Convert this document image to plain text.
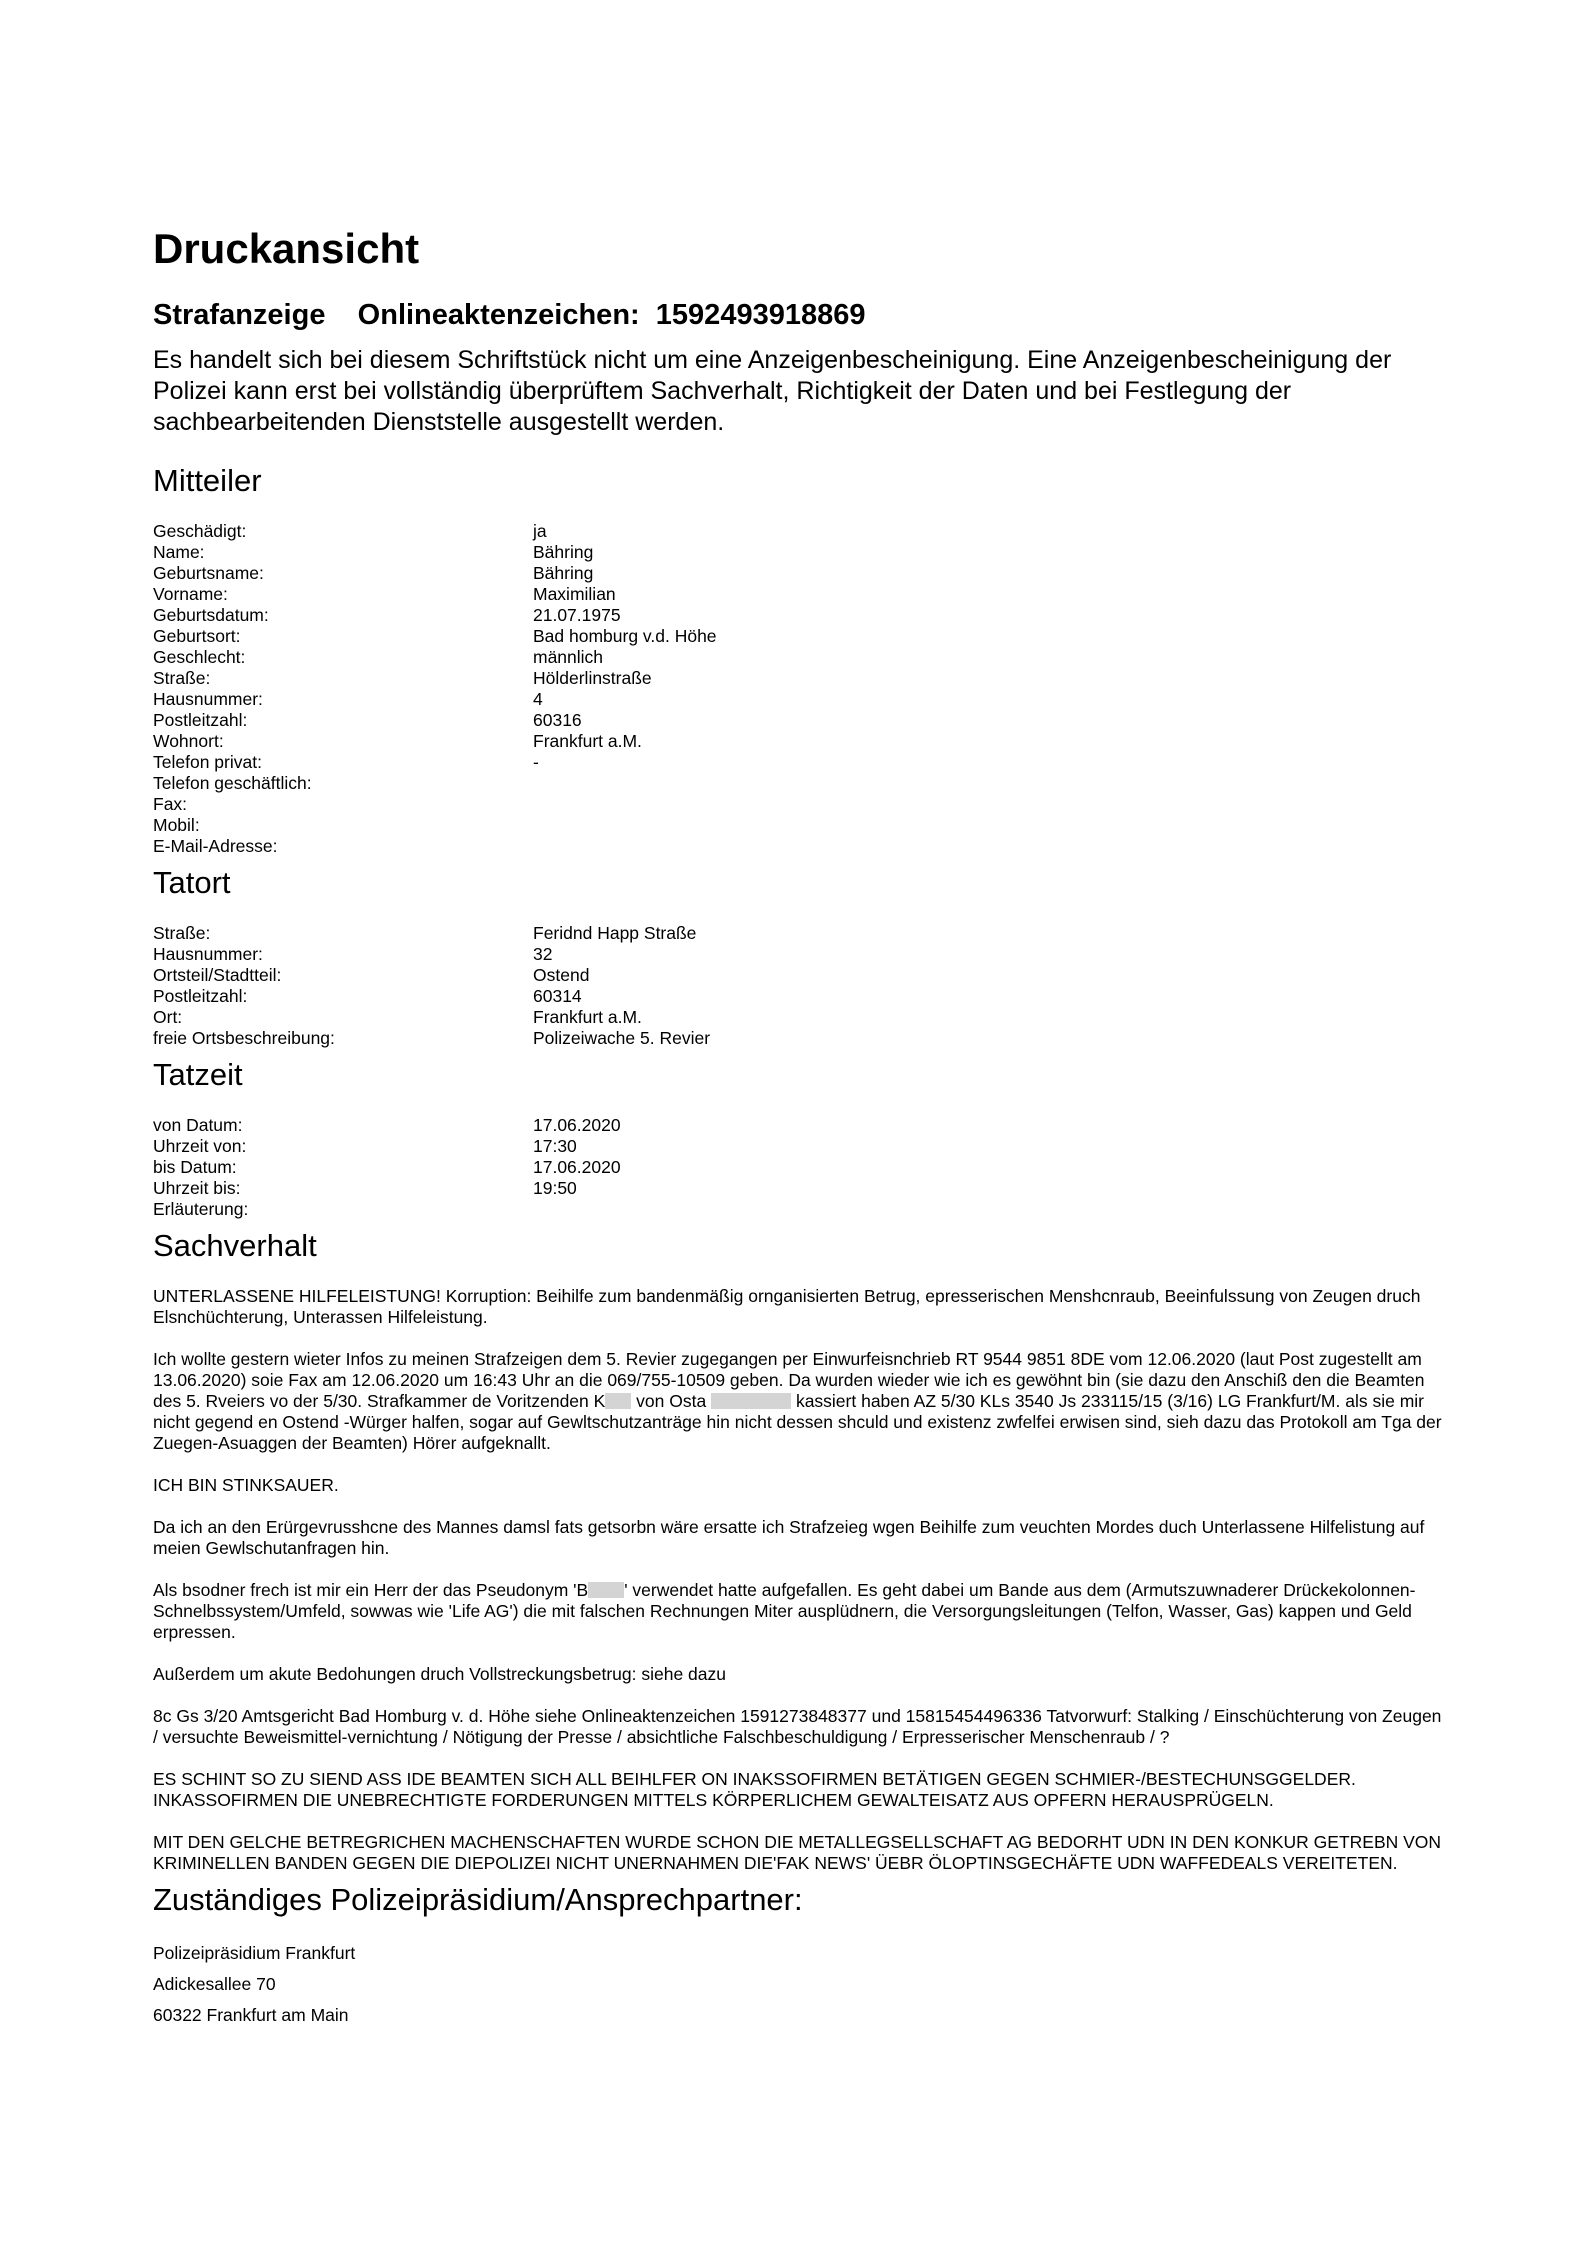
Druckansicht
Strafanzeige    Onlineaktenzeichen:  1592493918869

Es handelt sich bei diesem Schriftstück nicht um eine Anzeigenbescheinigung. Eine Anzeigenbescheinigung der Polizei kann erst bei vollständig überprüftem Sachverhalt, Richtigkeit der Daten und bei Festlegung der sachbearbeitenden Dienststelle ausgestellt werden.

Mitteiler
Geschädigt:	ja
Name:	Bähring
Geburtsname:	Bähring
Vorname:	Maximilian
Geburtsdatum:	21.07.1975
Geburtsort:	Bad homburg v.d. Höhe
Geschlecht:	männlich
Straße:	Hölderlinstraße
Hausnummer:	4
Postleitzahl:	60316
Wohnort:	Frankfurt a.M.
Telefon privat:	-
Telefon geschäftlich:
Fax:
Mobil:
E-Mail-Adresse:
Tatort
Straße:	Feridnd Happ Straße
Hausnummer:	32
Ortsteil/Stadtteil:	Ostend
Postleitzahl:	60314
Ort:	Frankfurt a.M.
freie Ortsbeschreibung:	Polizeiwache 5. Revier
Tatzeit
von Datum:	17.06.2020
Uhrzeit von:	17:30
bis Datum:	17.06.2020
Uhrzeit bis:	19:50
Erläuterung:
Sachverhalt

UNTERLASSENE HILFELEISTUNG! Korruption: Beihilfe zum bandenmäßig ornganisierten Betrug, epresserischen Menshcnraub, Beeinfulssung von Zeugen druch Elsnchüchterung, Unterassen Hilfeleistung.

Ich wollte gestern wieter Infos zu meinen Strafzeigen dem 5. Revier zugegangen per Einwurfeisnchrieb RT 9544 9851 8DE vom 12.06.2020 (laut Post zugestellt am 13.06.2020) soie Fax am 12.06.2020 um 16:43 Uhr an die 069/755-10509 geben. Da wurden wieder wie ich es gewöhnt bin (sie dazu den Anschiß den die Beamten des 5. Rveiers vo der 5/30. Strafkammer de Voritzenden K von Osta	kassiert haben AZ 5/30 KLs 3540 Js 233115/15 (3/16) LG Frankfurt/M. als sie mir nicht gegend en Ostend -Würger halfen, sogar auf Gewltschutzanträge hin nicht dessen shculd und existenz zwfelfei erwisen sind, sieh dazu das Protokoll am Tga der Zuegen-Asuaggen der Beamten) Hörer aufgeknallt.

ICH BIN STINKSAUER.

Da ich an den Erürgevrusshcne des Mannes damsl fats getsorbn wäre ersatte ich Strafzeieg wgen Beihilfe zum veuchten Mordes duch Unterlassene Hilfelistung auf meien Gewlschutanfragen hin.

Als bsodner frech ist mir ein Herr der das Pseudonym 'B ' verwendet hatte aufgefallen. Es geht dabei um Bande aus dem (Armutszuwnaderer Drückekolonnen-Schnelbssystem/Umfeld, sowwas wie 'Life AG') die mit falschen Rechnungen Miter ausplüdnern, die Versorgungsleitungen (Telfon, Wasser, Gas) kappen und Geld erpressen.

Außerdem um akute Bedohungen druch Vollstreckungsbetrug: siehe dazu

8c Gs 3/20 Amtsgericht Bad Homburg v. d. Höhe siehe Onlineaktenzeichen 1591273848377 und 15815454496336 Tatvorwurf: Stalking / Einschüchterung von Zeugen / versuchte Beweismittel-vernichtung / Nötigung der Presse / absichtliche Falschbeschuldigung / Erpresserischer Menschenraub / ?

ES SCHINT SO ZU SIEND ASS IDE BEAMTEN SICH ALL BEIHLFER ON INAKSSOFIRMEN BETÄTIGEN GEGEN SCHMIER-/BESTECHUNSGGELDER. INKASSOFIRMEN DIE UNEBRECHTIGTE FORDERUNGEN MITTELS KÖRPERLICHEM GEWALTEISATZ AUS OPFERN HERAUSPRÜGELN.

MIT DEN GELCHE BETREGRICHEN MACHENSCHAFTEN WURDE SCHON DIE METALLEGSELLSCHAFT AG BEDORHT UDN IN DEN KONKUR GETREBN VON KRIMINELLEN BANDEN GEGEN DIE DIEPOLIZEI NICHT UNERNAHMEN DIE'FAK NEWS' ÜEBR ÖLOPTINSGECHÄFTE UDN WAFFEDEALS VEREITETEN.

Zuständiges Polizeipräsidium/Ansprechpartner:
Polizeipräsidium Frankfurt
Adickesallee 70
60322 Frankfurt am Main
